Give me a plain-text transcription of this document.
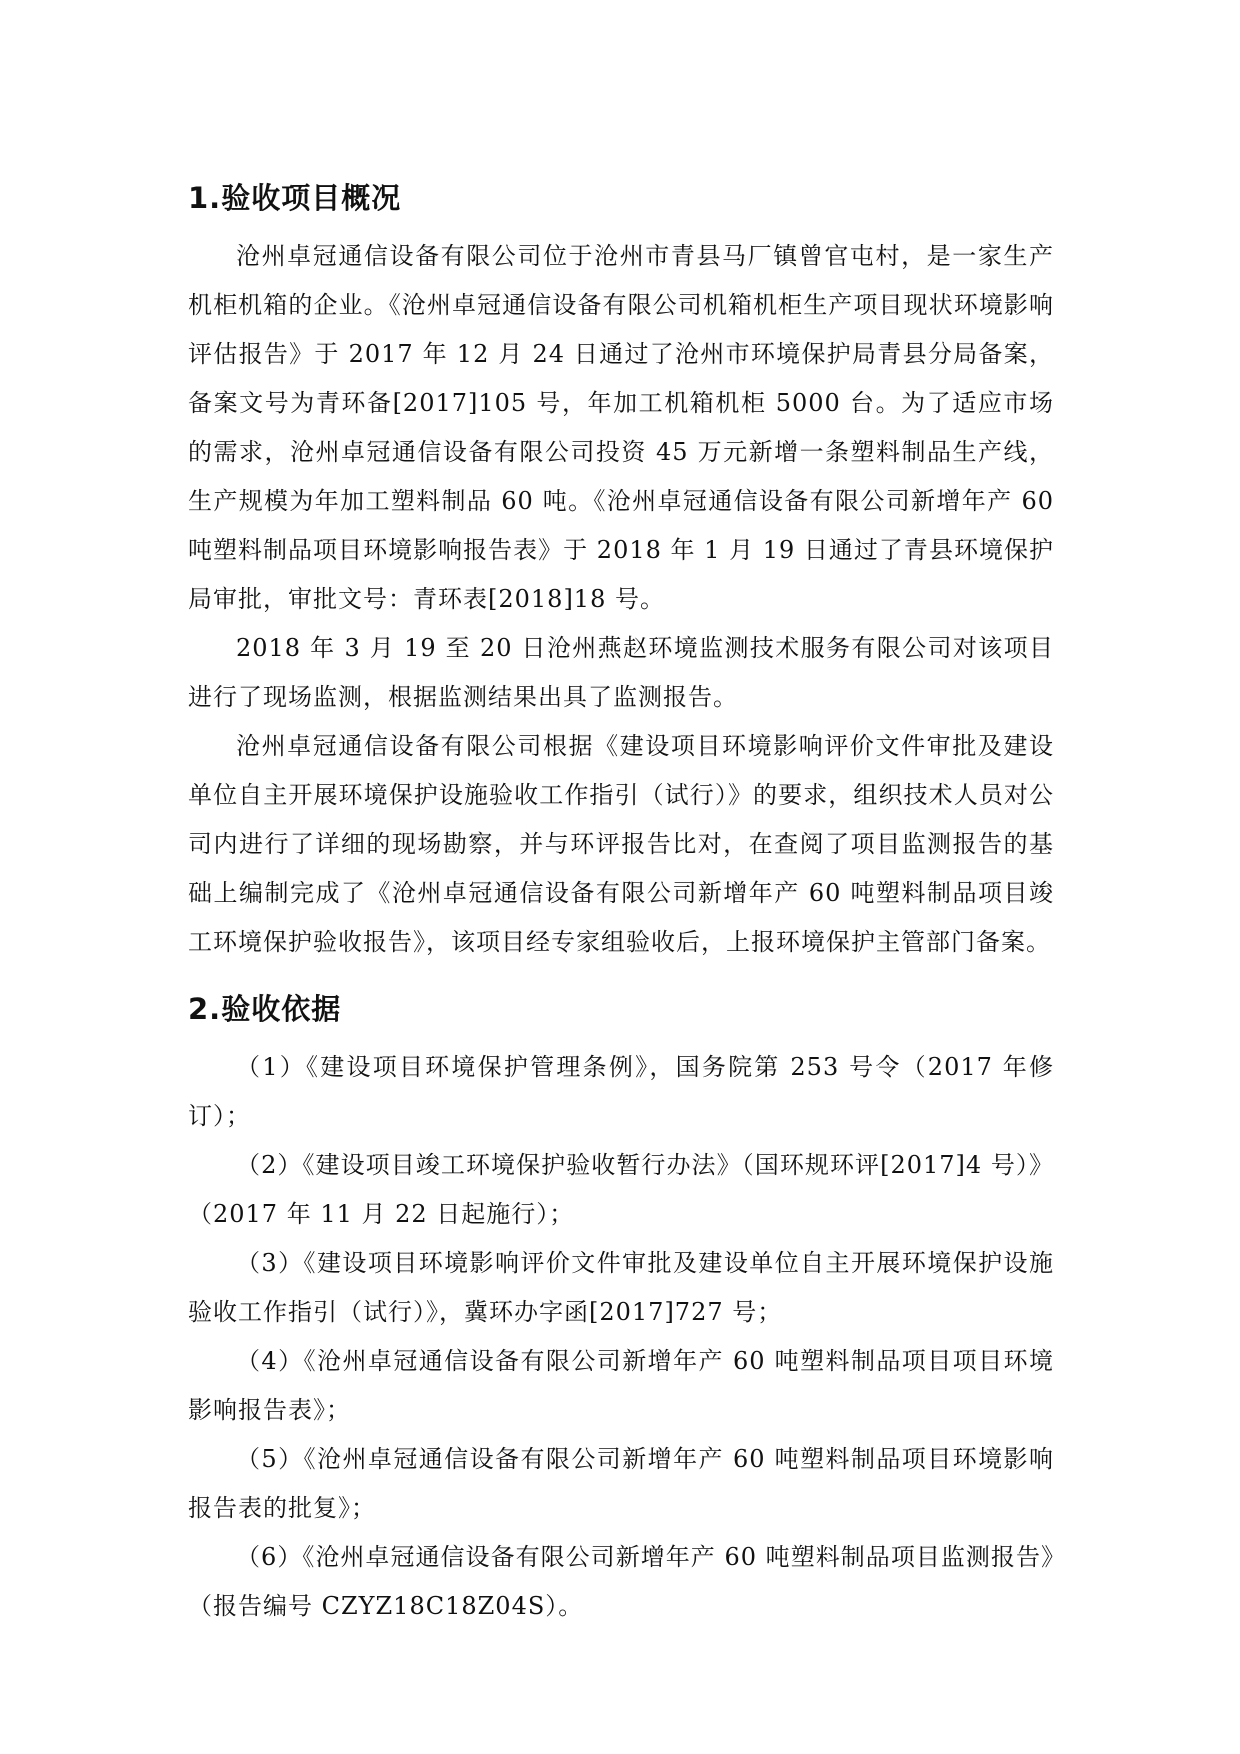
1.验收项目概况

沧州卓冠通信设备有限公司位于沧州市青县马厂镇曾官屯村，是一家生产机柜机箱的企业。《沧州卓冠通信设备有限公司机箱机柜生产项目现状环境影响评估报告》于 2017 年 12 月 24 日通过了沧州市环境保护局青县分局备案，备案文号为青环备[2017]105 号，年加工机箱机柜 5000 台。为了适应市场的需求，沧州卓冠通信设备有限公司投资 45 万元新增一条塑料制品生产线，生产规模为年加工塑料制品 60 吨。《沧州卓冠通信设备有限公司新增年产 60 吨塑料制品项目环境影响报告表》于 2018 年 1 月 19 日通过了青县环境保护局审批，审批文号：青环表[2018]18 号。

2018 年 3 月 19 至 20 日沧州燕赵环境监测技术服务有限公司对该项目进行了现场监测，根据监测结果出具了监测报告。

沧州卓冠通信设备有限公司根据《建设项目环境影响评价文件审批及建设单位自主开展环境保护设施验收工作指引（试行）》的要求，组织技术人员对公司内进行了详细的现场勘察，并与环评报告比对，在查阅了项目监测报告的基础上编制完成了《沧州卓冠通信设备有限公司新增年产 60 吨塑料制品项目竣工环境保护验收报告》，该项目经专家组验收后，上报环境保护主管部门备案。

2.验收依据

（1）《建设项目环境保护管理条例》，国务院第 253 号令（2017 年修订）；

（2）《建设项目竣工环境保护验收暂行办法》（国环规环评[2017]4 号）》（2017 年 11 月 22 日起施行）；

（3）《建设项目环境影响评价文件审批及建设单位自主开展环境保护设施验收工作指引（试行）》，冀环办字函[2017]727 号；

（4）《沧州卓冠通信设备有限公司新增年产 60 吨塑料制品项目项目环境影响报告表》；

（5）《沧州卓冠通信设备有限公司新增年产 60 吨塑料制品项目环境影响报告表的批复》；

（6）《沧州卓冠通信设备有限公司新增年产 60 吨塑料制品项目监测报告》（报告编号 CZYZ18C18Z04S）。
